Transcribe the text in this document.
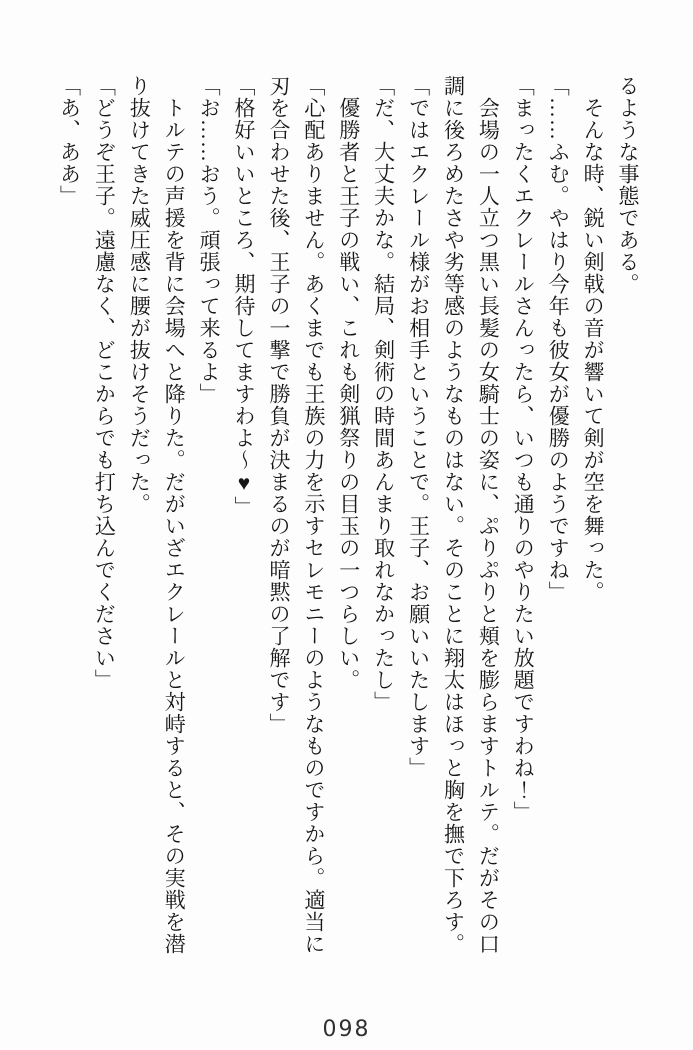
るような事態である。

　そんな時、鋭い剣戟の音が響いて剣が空を舞った。

「……ふむ。やはり今年も彼女が優勝のようですね」

「まったくエクレールさんったら、いつも通りのやりたい放題ですわね！」

　会場の一人立つ黒い長髪の女騎士の姿に、ぷりぷりと頬を膨らますトルテ。だがその口

調に後ろめたさや劣等感のようなものはない。そのことに翔太はほっと胸を撫で下ろす。

「ではエクレール様がお相手ということで。王子、お願いいたします」

「だ、大丈夫かな。結局、剣術の時間あんまり取れなかったし」

　優勝者と王子の戦い、これも剣猟祭りの目玉の一つらしい。

「心配ありません。あくまでも王族の力を示すセレモニーのようなものですから。適当に

刃を合わせた後、王子の一撃で勝負が決まるのが暗黙の了解です」

「格好いいところ、期待してますわよ～♥」

「お……おう。頑張って来るよ」

　トルテの声援を背に会場へと降りた。だがいざエクレールと対峙すると、その実戦を潜

り抜けてきた威圧感に腰が抜けそうだった。

「どうぞ王子。遠慮なく、どこからでも打ち込んでください」

「あ、ああ」

098
